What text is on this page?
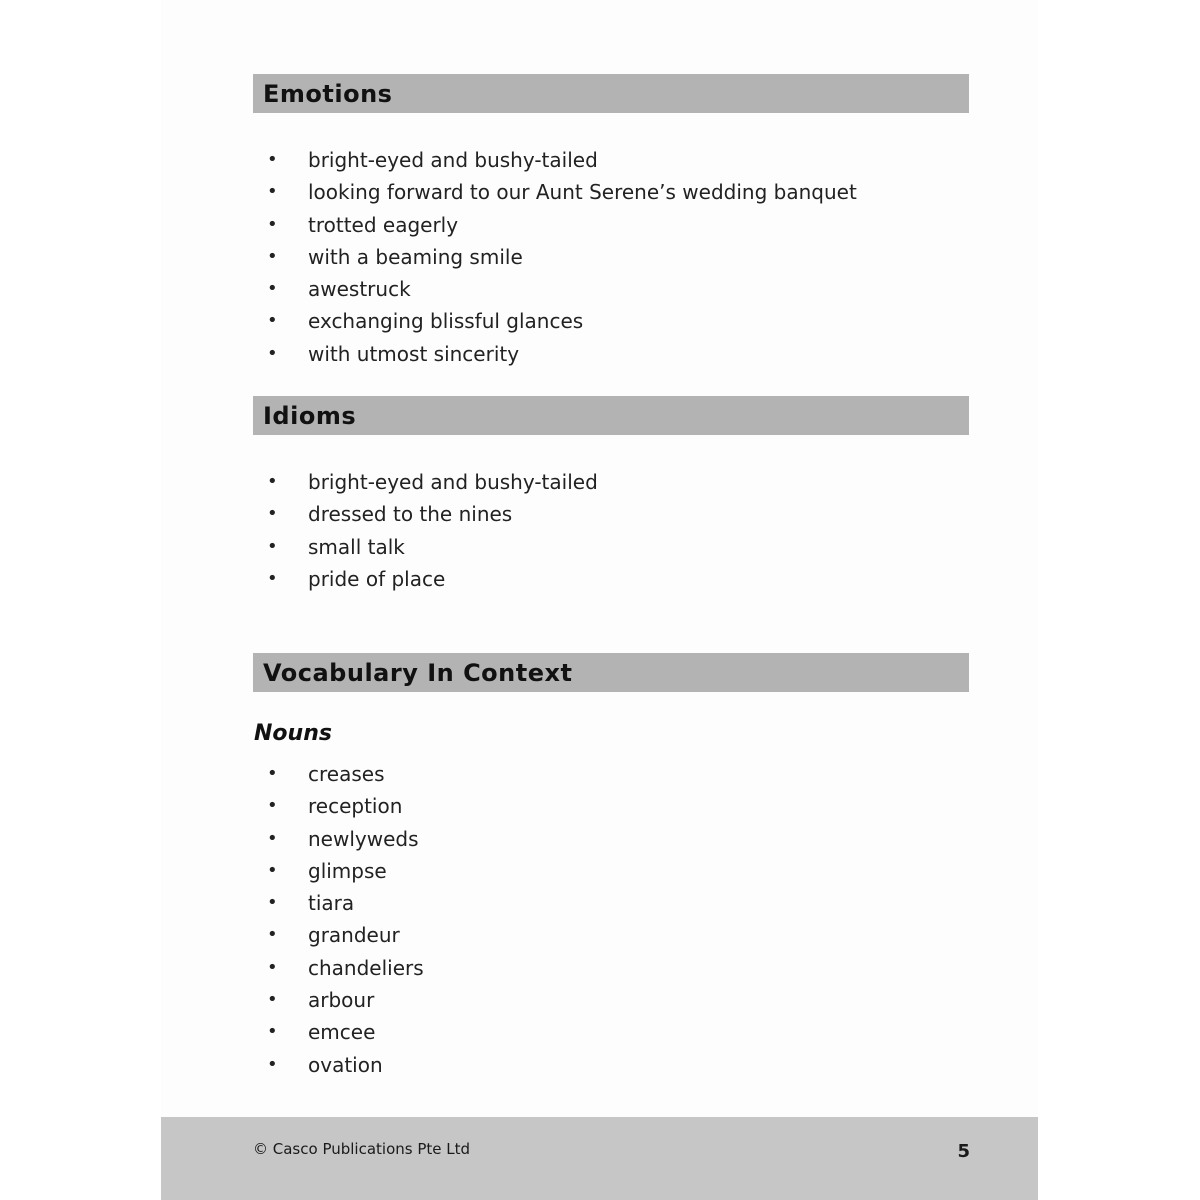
Emotions
• bright-eyed and bushy-tailed
• looking forward to our Aunt Serene’s wedding banquet
• trotted eagerly
• with a beaming smile
• awestruck
• exchanging blissful glances
• with utmost sincerity
Idioms
• bright-eyed and bushy-tailed
• dressed to the nines
• small talk
• pride of place
Vocabulary In Context
Nouns
• creases
• reception
• newlyweds
• glimpse
• tiara
• grandeur
• chandeliers
• arbour
• emcee
• ovation
© Casco Publications Pte Ltd	5
